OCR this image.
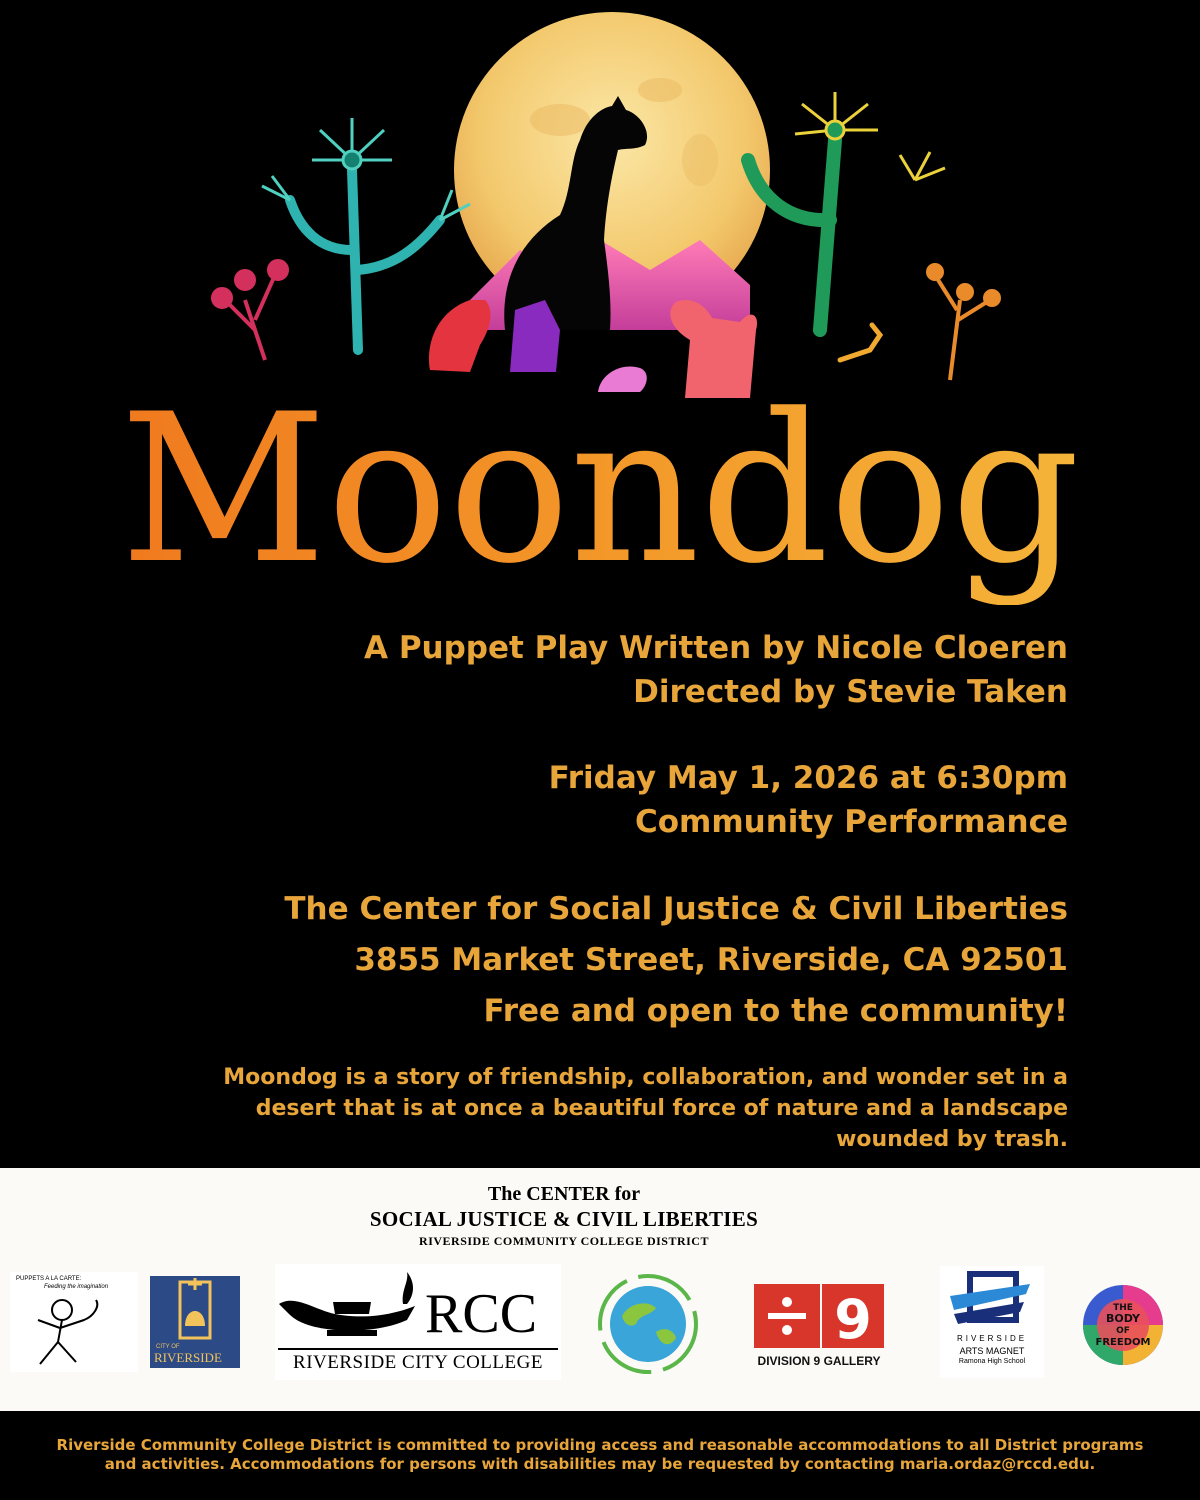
Moondog
A Puppet Play Written by Nicole Cloeren
Directed by Stevie Taken
Friday May 1, 2026 at 6:30pm
Community Performance
The Center for Social Justice & Civil Liberties
3855 Market Street, Riverside, CA 92501
Free and open to the community!
Moondog is a story of friendship, collaboration, and wonder set in a
desert that is at once a beautiful force of nature and a landscape
wounded by trash.
The CENTER for
SOCIAL JUSTICE & CIVIL LIBERTIES
RIVERSIDE COMMUNITY COLLEGE DISTRICT
PUPPETS A LA CARTE:
Feeding the imagination
CITY OF
RIVERSIDE
RCC
RIVERSIDE CITY COLLEGE
9
DIVISION 9 GALLERY
RIVERSIDE
ARTS MAGNET
Ramona High School
THE
BODY
OF
FREEDOM
Riverside Community College District is committed to providing access and reasonable accommodations to all District programs
and activities. Accommodations for persons with disabilities may be requested by contacting maria.ordaz@rccd.edu.
